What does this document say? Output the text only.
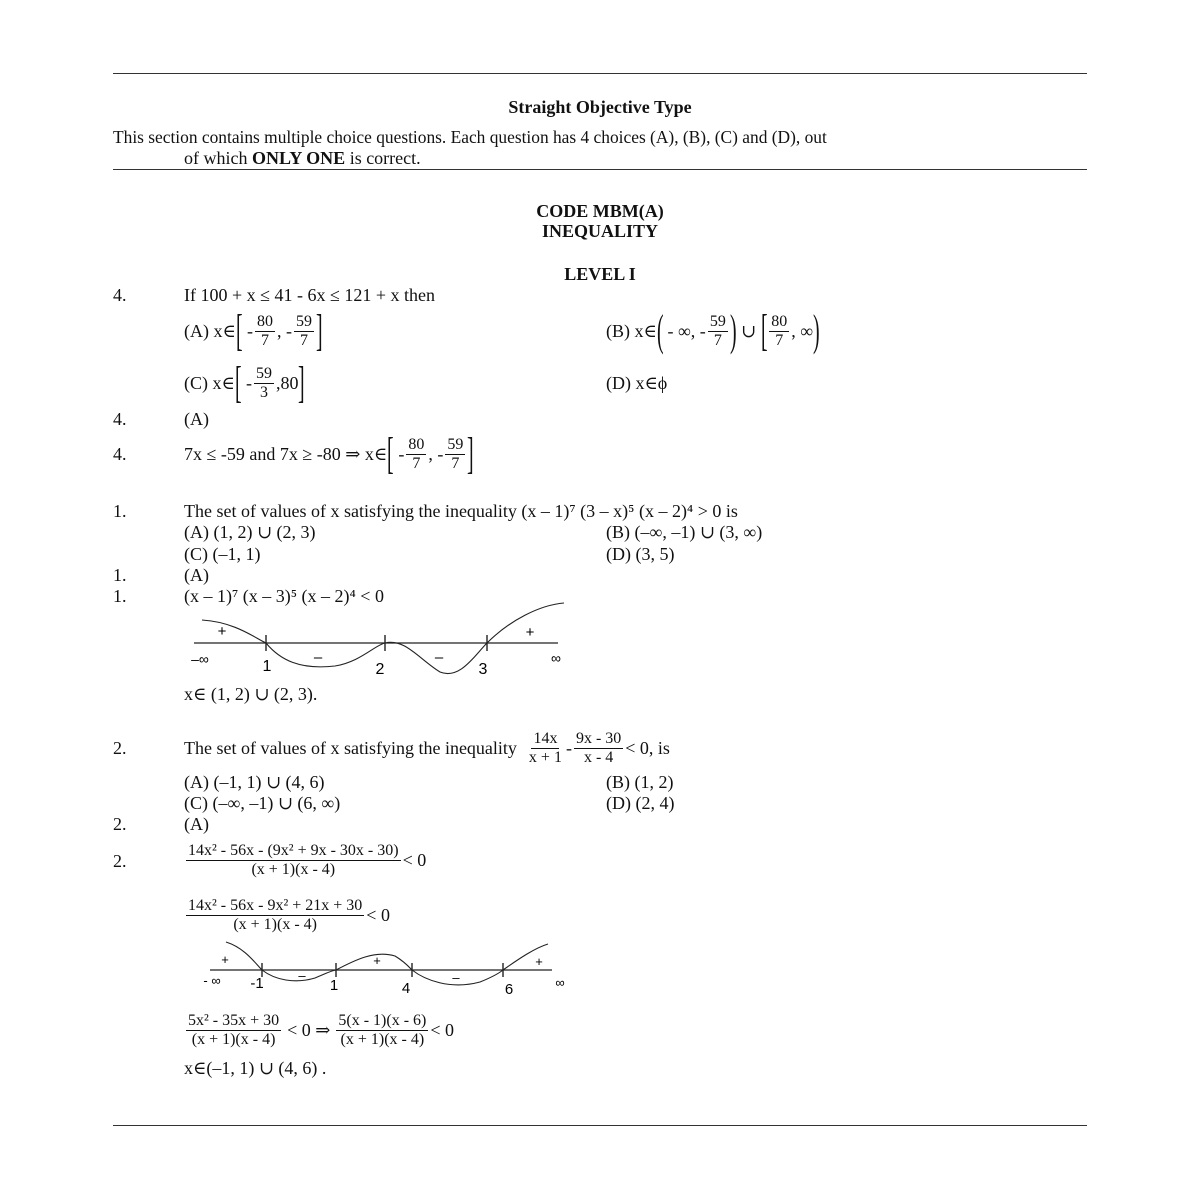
Straight Objective Type
This section contains multiple choice questions. Each question has 4 choices (A), (B), (C) and (D), out
of which ONLY ONE is correct.
CODE MBM(A)
INEQUALITY
LEVEL I
4.	If 100 + x ≤ 41 - 6x ≤ 121 + x then
(A) x∈ [ - $\frac{80}{7}$ , - $\frac{59}{7}$ ]	(B) x∈ ( - ∞, - $\frac{59}{7}$ ) ∪ [ $\frac{80}{7}$ , ∞ )
(C) x∈ [ - $\frac{59}{3} ,80$ ]	(D) x∈ϕ
4.	(A)
4.	7x ≤ -59 and 7x ≥ -80 ⇒ x∈ [ - $\frac{80}{7}$ , - $\frac{59}{7}$ ]
1.	The set of values of x satisfying the inequality (x – 1)⁷ (3 – x)⁵ (x – 2)⁴ > 0 is
(A) (1, 2) ∪ (2, 3)	(B) (–∞, –1) ∪ (3, ∞)
(C) (–1, 1)	(D) (3, 5)
1.	(A)
1.	(x – 1)⁷ (x – 3)⁵ (x – 2)⁴ < 0
+
–	–
+
–∞	1	2	3
∞
x∈ (1, 2) ∪ (2, 3).
2.	The set of values of x satisfying the inequality $\frac{14x}{x + 1} - \frac{9x - 30}{x - 4} < 0$, is
(A) (–1, 1) ∪ (4, 6)	(B) (1, 2)
(C) (–∞, –1) ∪ (6, ∞)	(D) (2, 4)
2.	(A)
2.	$\frac{\text{14x² - 56x - (9x² + 9x - 30x - 30)}}{(x + 1)(x - 4)} < 0$
$\frac{\text{14x² - 56x - 9x² + 21x + 30}}{(x + 1)(x - 4)} < 0$
+
–
+
–
+
- ∞ -1	1	4	6	∞
$\frac{\text{5x² - 35x + 30}}{(x + 1)(x - 4)} < 0$ ⇒ $\frac{5(x - 1)(x - 6)}{(x + 1)(x - 4)} < 0$
x∈(–1, 1) ∪ (4, 6) .
